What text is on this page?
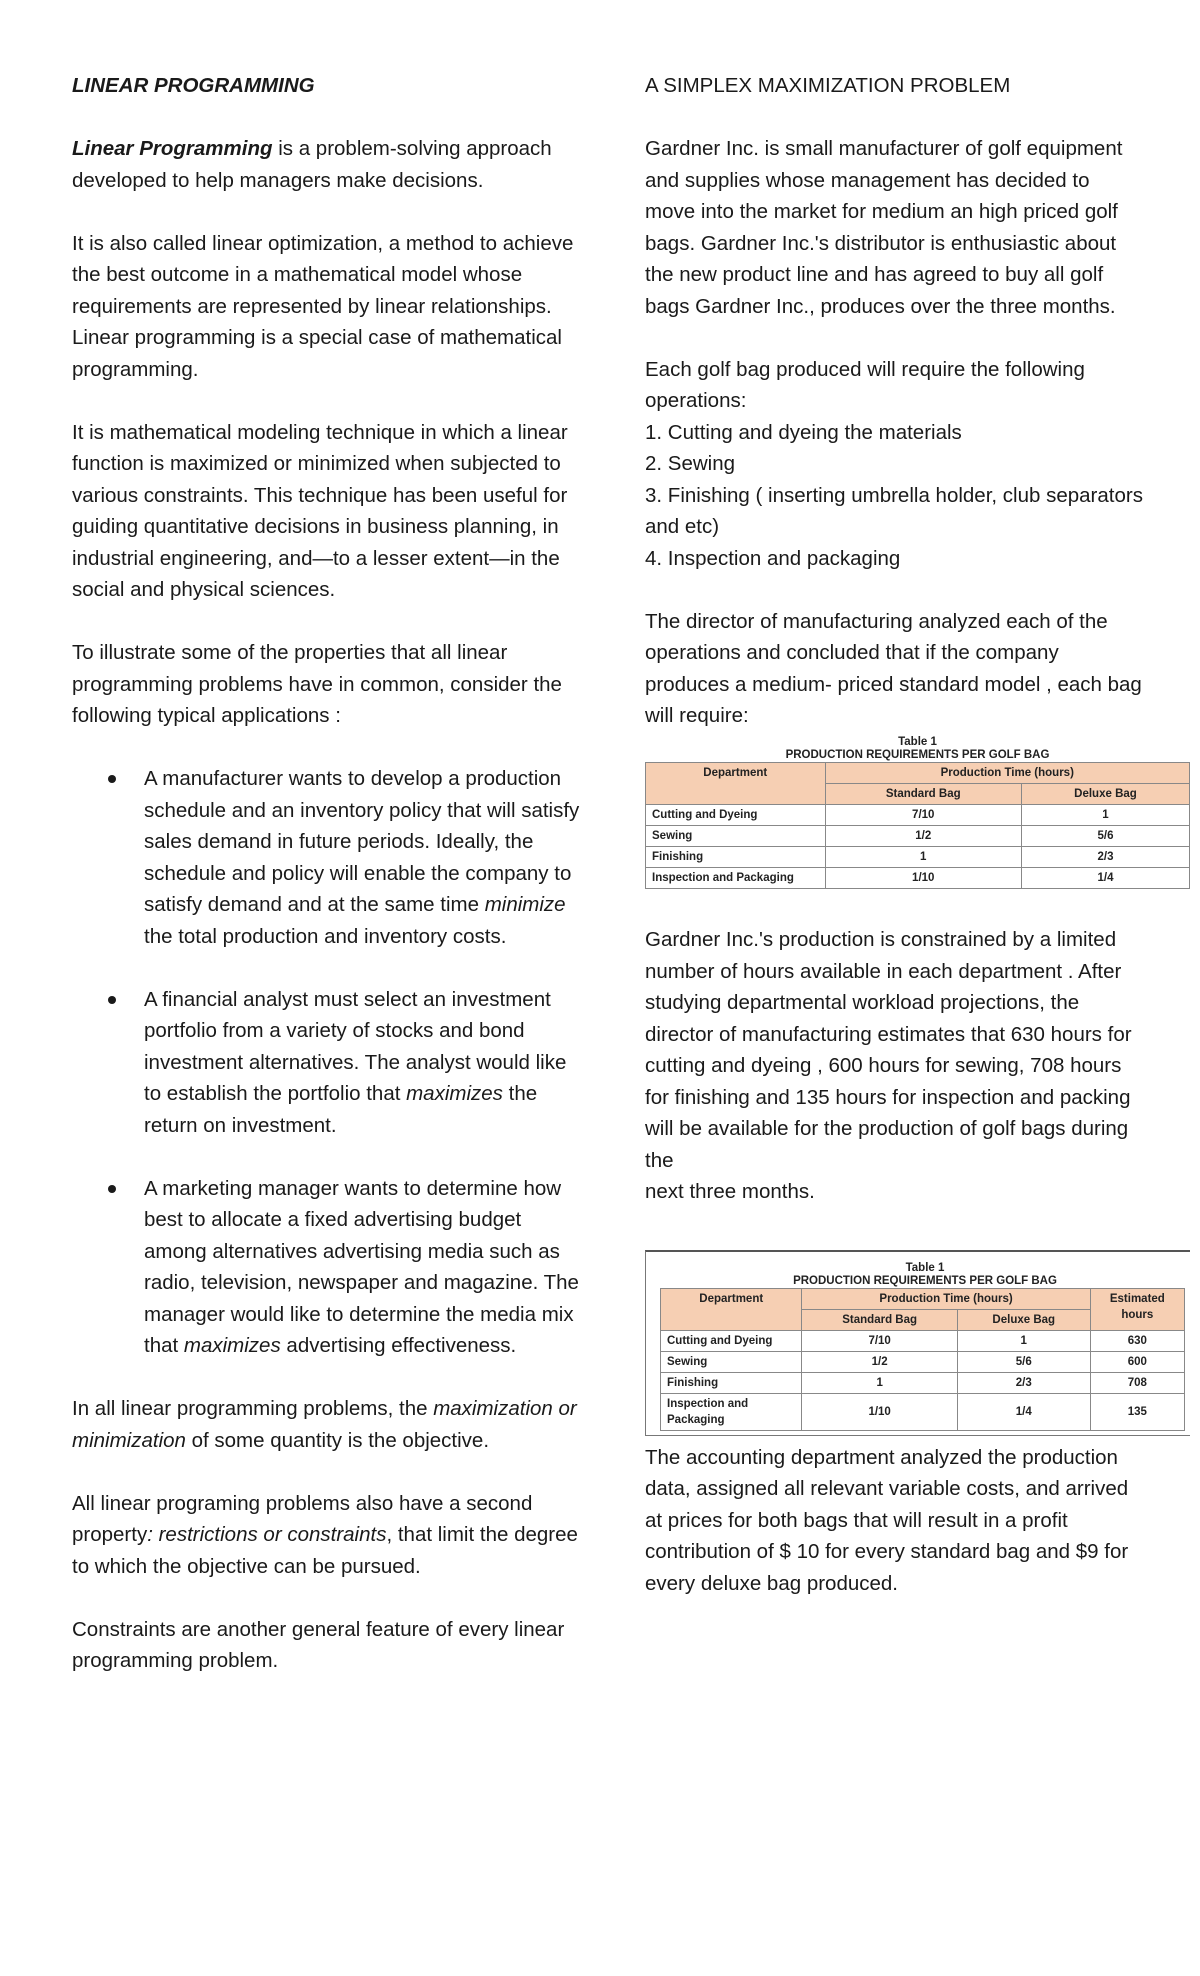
LINEAR PROGRAMMING

Linear Programming is a problem-solving approach developed to help managers make decisions.

It is also called linear optimization, a method to achieve the best outcome in a mathematical model whose requirements are represented by linear relationships. Linear programming is a special case of mathematical

programming.

It is mathematical modeling technique in which a linear function is maximized or minimized when subjected to various constraints. This technique has been useful for guiding quantitative decisions in business planning, in industrial engineering, and—to a lesser extent—in the social and physical sciences.

To illustrate some of the properties that all linear programming problems have in common, consider the following typical applications :

A manufacturer wants to develop a production schedule and an inventory policy that will satisfy sales demand in future periods. Ideally, the schedule and policy will enable the company to satisfy demand and at the same time minimize the total production and inventory costs.
A financial analyst must select an investment portfolio from a variety of stocks and bond investment alternatives. The analyst would like to establish the portfolio that maximizes the return on investment.
A marketing manager wants to determine how best to allocate a fixed advertising budget among alternatives advertising media such as radio, television, newspaper and magazine. The manager would like to determine the media mix that maximizes advertising effectiveness.

In all linear programming problems, the maximization or minimization of some quantity is the objective.

All linear programing problems also have a second property: restrictions or constraints, that limit the degree to which the objective can be pursued.

Constraints are another general feature of every linear programming problem.

A SIMPLEX MAXIMIZATION PROBLEM

Gardner Inc. is small manufacturer of golf equipment and supplies whose management has decided to move into the market for medium an high priced golf bags. Gardner Inc.'s distributor is enthusiastic about the new product line and has agreed to buy all golf bags Gardner Inc., produces over the three months.

Each golf bag produced will require the following operations:

1. Cutting and dyeing the materials

2. Sewing

3. Finishing ( inserting umbrella holder, club separators and etc)

4. Inspection and packaging

The director of manufacturing analyzed each of the operations and concluded that if the company produces a medium- priced standard model , each bag will require:

Table 1
PRODUCTION REQUIREMENTS PER GOLF BAG
Department	Production Time (hours)	
	Standard Bag	Deluxe Bag
Cutting and Dyeing	7/10	1
Sewing	1/2	5/6
Finishing	1	2/3
Inspection and Packaging	1/10	1/4

Gardner Inc.'s production is constrained by a limited number of hours available in each department . After studying departmental workload projections, the director of manufacturing estimates that 630 hours for cutting and dyeing , 600 hours for sewing, 708 hours for finishing and 135 hours for inspection and packing will be available for the production of golf bags during the

next three months.

Table 1
PRODUCTION REQUIREMENTS PER GOLF BAG
Department	Production Time (hours)		Estimated hours
	Standard Bag	Deluxe Bag	
Cutting and Dyeing	7/10	1	630
Sewing	1/2	5/6	600
Finishing	1	2/3	708
Inspection and Packaging	1/10	1/4	135

The accounting department analyzed the production data, assigned all relevant variable costs, and arrived at prices for both bags that will result in a profit contribution of $ 10 for every standard bag and $9 for every deluxe bag produced.
